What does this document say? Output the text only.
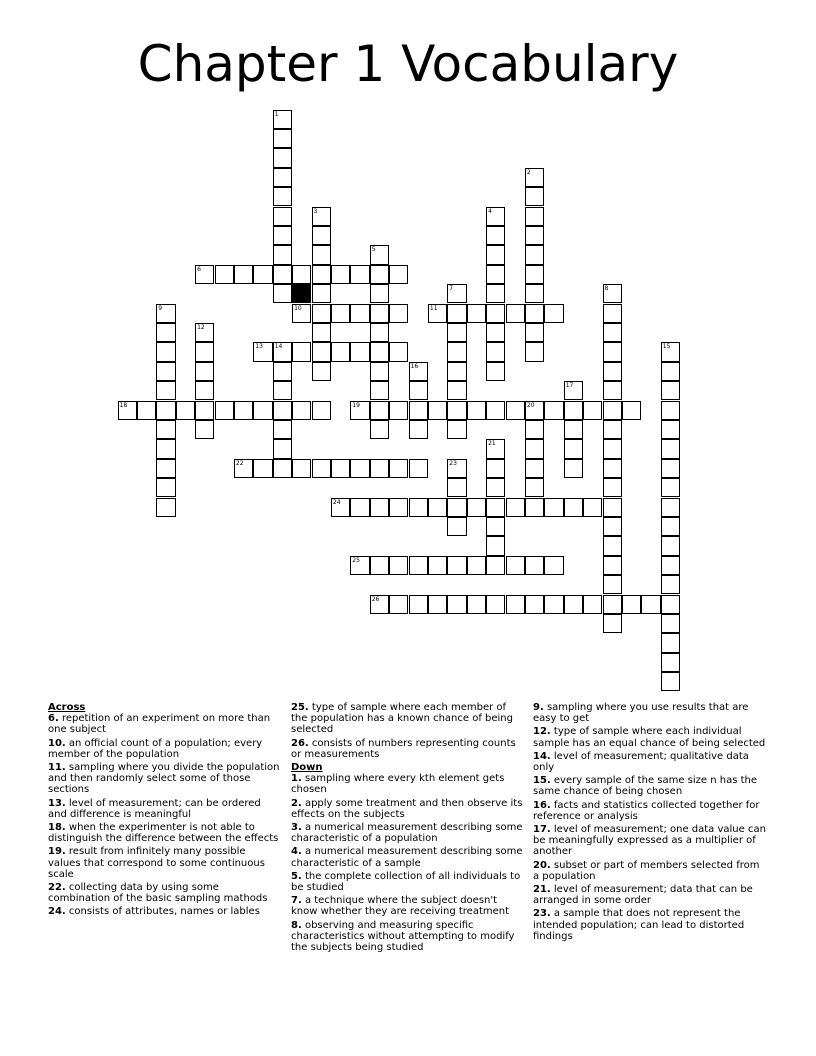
Chapter 1 Vocabulary
1
2
3	4
5
6
7	8
9	10	11
12
13 14	15
16
17
18	19	20
21
22	23
24
25
26
Across
6. repetition of an experiment on more than one subject
10. an official count of a population; every member of the population
11. sampling where you divide the population and then randomly select some of those sections
13. level of measurement; can be ordered and difference is meaningful
18. when the experimenter is not able to distinguish the difference between the effects
19. result from infinitely many possible values that correspond to some continuous scale
22. collecting data by using some combination of the basic sampling mathods
24. consists of attributes, names or lables
25. type of sample where each member of the population has a known chance of being selected
26. consists of numbers representing counts or measurements
Down
1. sampling where every kth element gets chosen
2. apply some treatment and then observe its effects on the subjects
3. a numerical measurement describing some characteristic of a population
4. a numerical measurement describing some characteristic of a sample
5. the complete collection of all individuals to be studied
7. a technique where the subject doesn't know whether they are receiving treatment
8. observing and measuring specific characteristics without attempting to modify the subjects being studied
9. sampling where you use results that are easy to get
12. type of sample where each individual sample has an equal chance of being selected
14. level of measurement; qualitative data only
15. every sample of the same size n has the same chance of being chosen
16. facts and statistics collected together for reference or analysis
17. level of measurement; one data value can be meaningfully expressed as a multiplier of another
20. subset or part of members selected from a population
21. level of measurement; data that can be arranged in some order
23. a sample that does not represent the intended population; can lead to distorted findings
